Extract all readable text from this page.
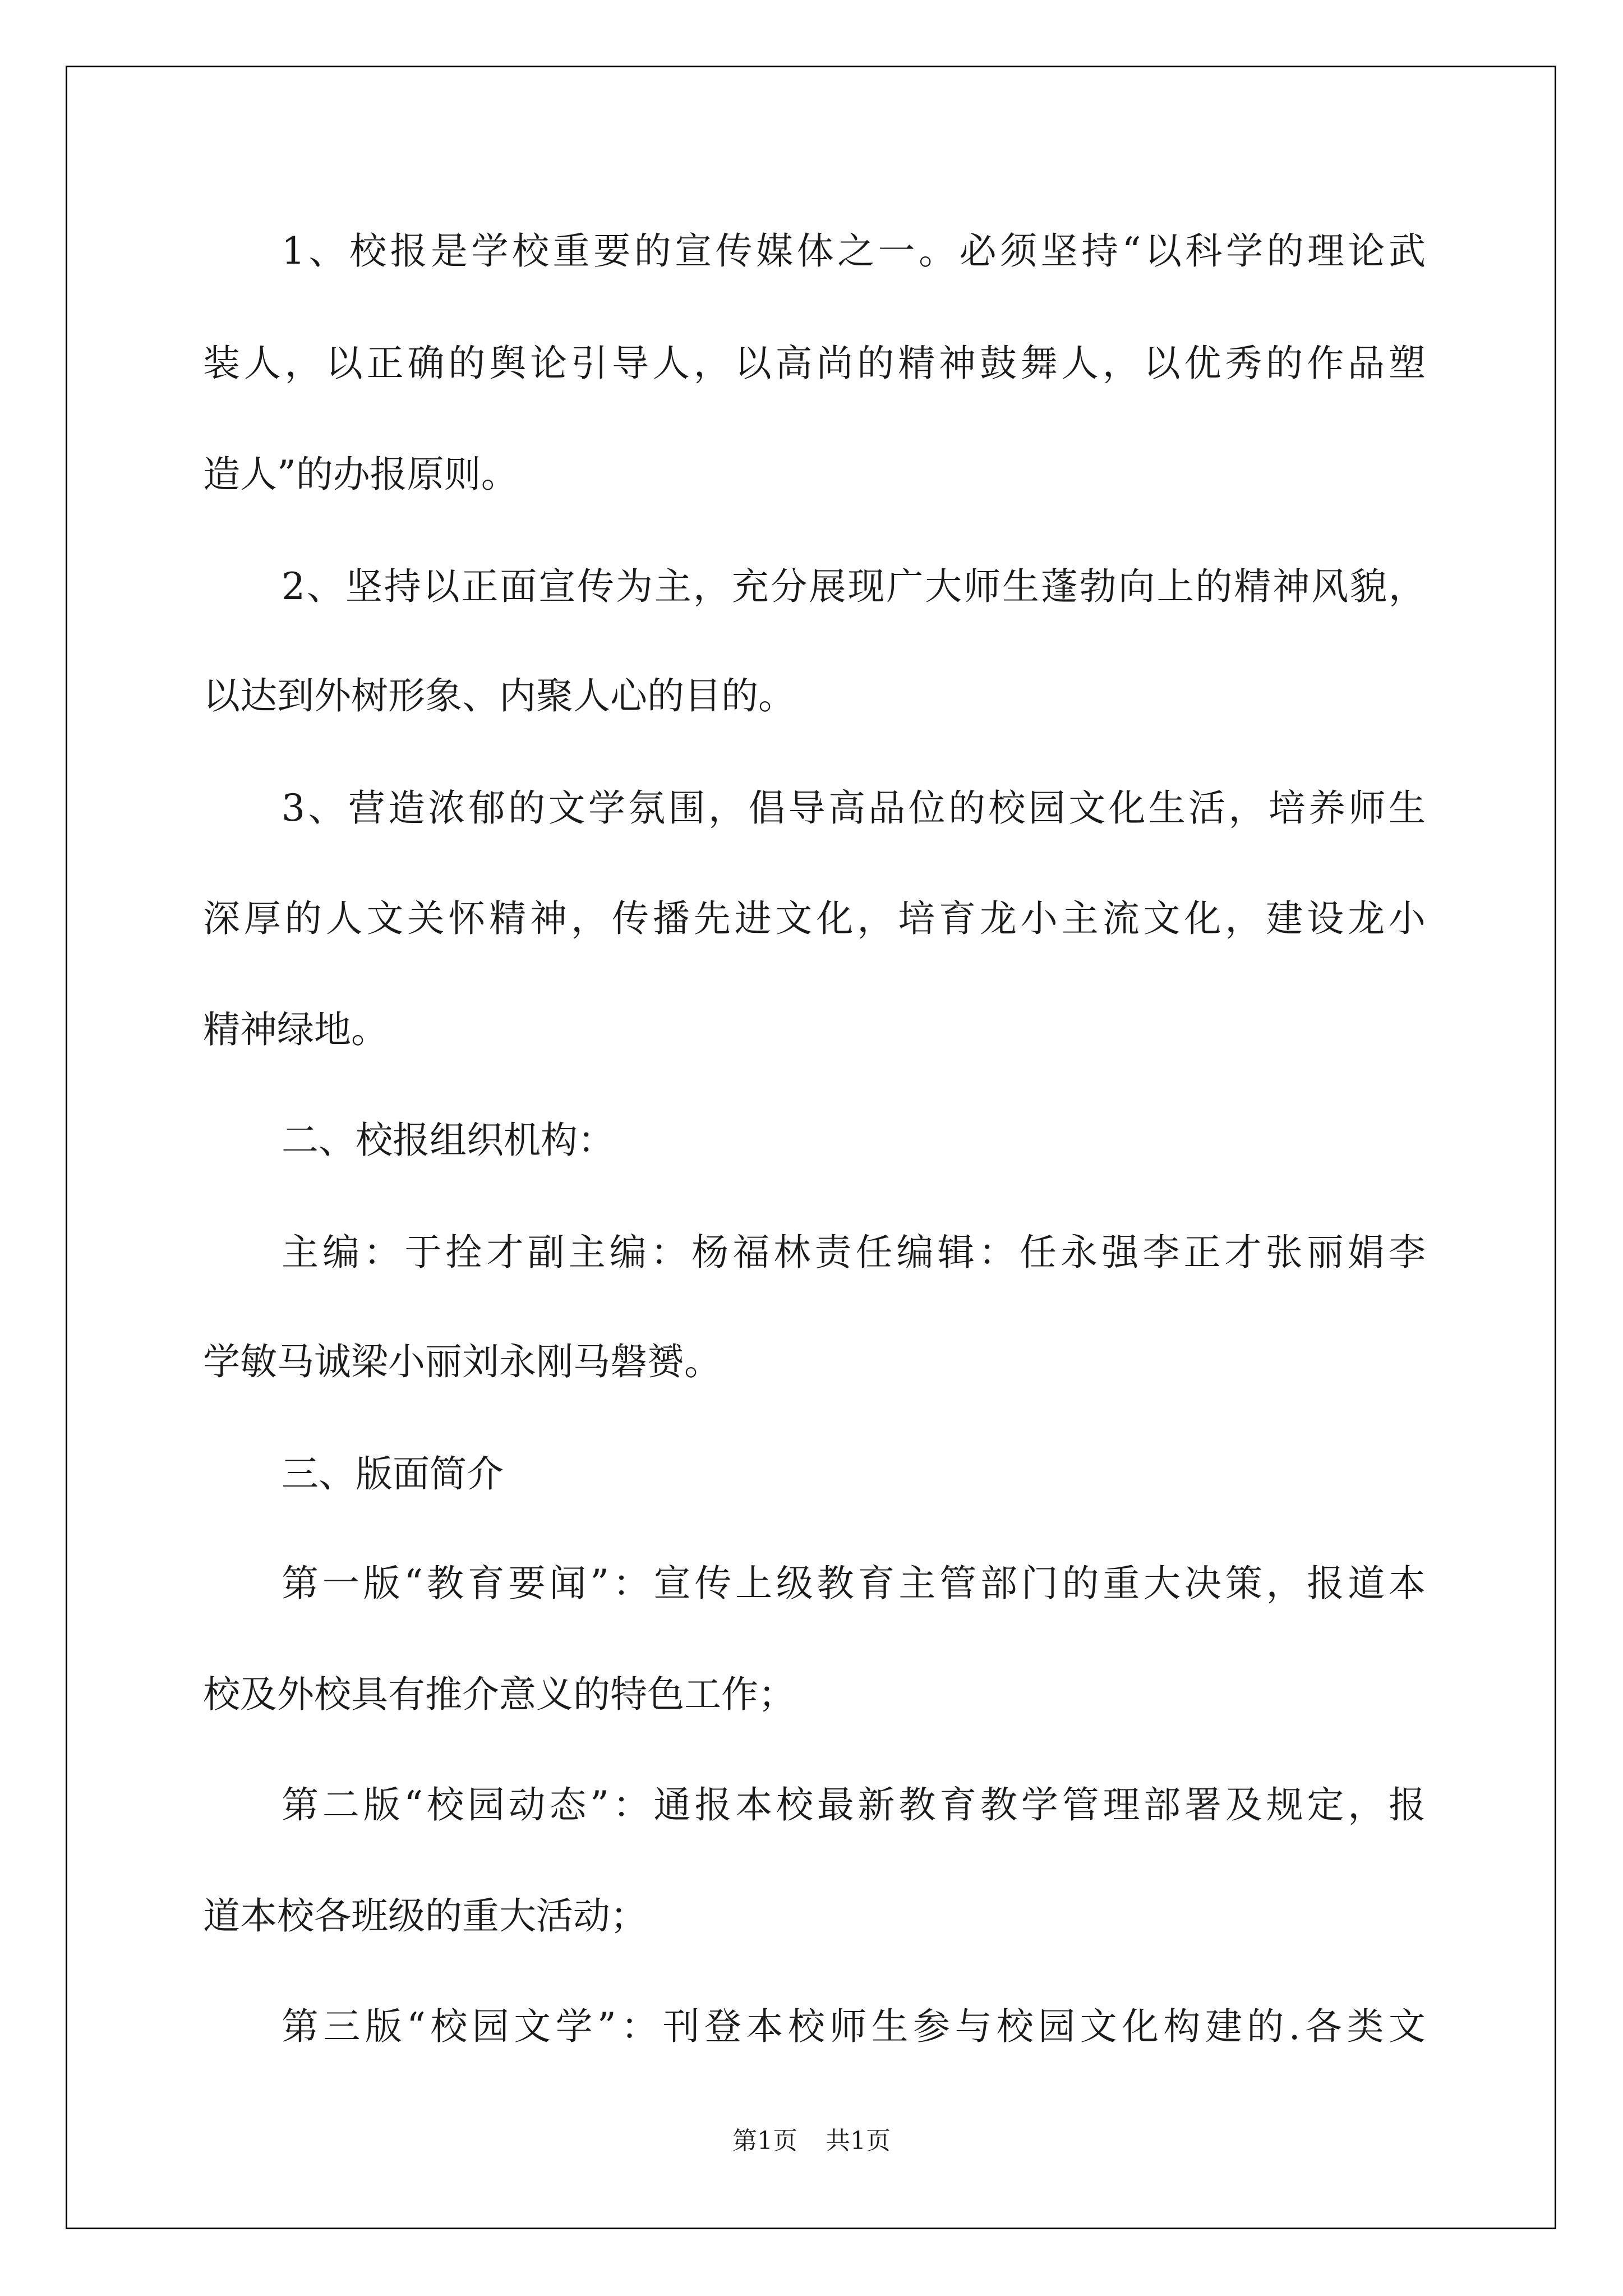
1、校报是学校重要的宣传媒体之一。必须坚持“以科学的理论武
装人，以正确的舆论引导人，以高尚的精神鼓舞人，以优秀的作品塑
造人”的办报原则。
2、坚持以正面宣传为主，充分展现广大师生蓬勃向上的精神风貌，
以达到外树形象、内聚人心的目的。
3、营造浓郁的文学氛围，倡导高品位的校园文化生活，培养师生
深厚的人文关怀精神，传播先进文化，培育龙小主流文化，建设龙小
精神绿地。
二、校报组织机构：
主编：于拴才副主编：杨福林责任编辑：任永强李正才张丽娟李
学敏马诚梁小丽刘永刚马磐赟。
三、版面简介
第一版“教育要闻”：宣传上级教育主管部门的重大决策，报道本
校及外校具有推介意义的特色工作；
第二版“校园动态”：通报本校最新教育教学管理部署及规定，报
道本校各班级的重大活动；
第三版“校园文学”：刊登本校师生参与校园文化构建的.各类文
第1页 共1页
